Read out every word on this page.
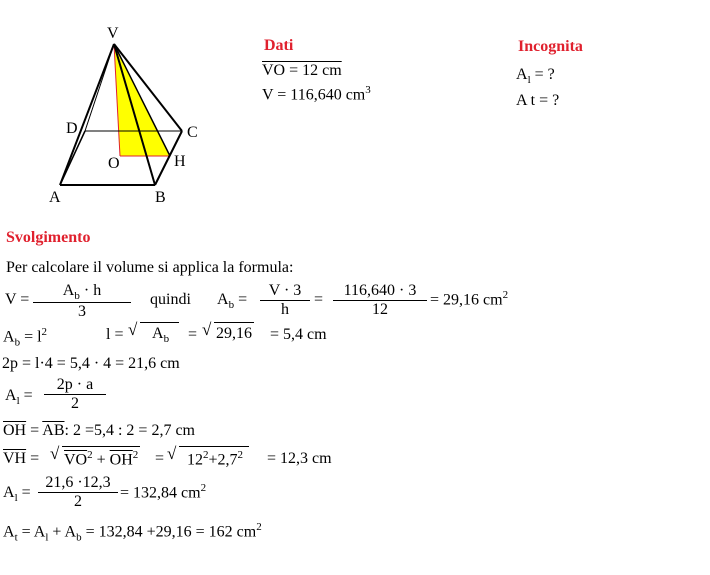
V
D	C
O	H
A	B
Dati
VO = 12 cm
V = 116,640 $cm^3$
Incognita
$A_l$ = ?
A t = ?
Svolgimento
Per calcolare il volume si applica la formula:
$V = \frac{A_b \cdot h}{3}$ quindi $A_b = \frac{V \cdot 3}{h} = \frac{116,640 \cdot 3}{12} = 29,16$ $cm^2$
$A_b = l^2$	l = √ $A_b$	= √ 29,16 = 5,4 cm
2p = l·4 = 5,4 · 4 = 21,6 cm
$A_l = \frac{2p \cdot a}{2}$
$\overline{OH} = \overline{AB}$: 2 =5,4 : 2 = 2,7 cm
$\overline{VH}$ = √ $VO^2 + \overline{OH}^2$ = √ $12^2+2,7^2$	= 12,3 cm
$A_l = \frac{21,6 \cdot 12,3}{2} = 132,84$ $cm^2$
$A_t = A_l + A_b = 132,84 +29,16 = 162$ $cm^2$
